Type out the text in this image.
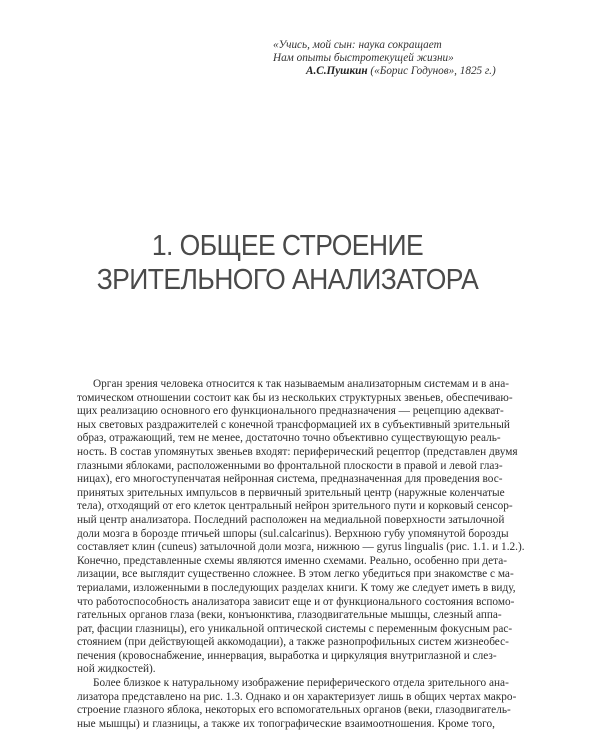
«Учись, мой сын: наука сокращает
Нам опыты быстротекущей жизни»
А.С.Пушкин («Борис Годунов», 1825 г.)
1. ОБЩЕЕ СТРОЕНИЕ
ЗРИТЕЛЬНОГО АНАЛИЗАТОРА
Орган зрения человека относится к так называемым анализаторным системам и в ана-
томическом отношении состоит как бы из нескольких структурных звеньев, обеспечиваю-
щих реализацию основного его функционального предназначения — рецепцию адекват-
ных световых раздражителей с конечной трансформацией их в субъективный зрительный
образ, отражающий, тем не менее, достаточно точно объективно существующую реаль-
ность. В состав упомянутых звеньев входят: периферический рецептор (представлен двумя
глазными яблоками, расположенными во фронтальной плоскости в правой и левой глаз-
ницах), его многоступенчатая нейронная система, предназначенная для проведения вос-
принятых зрительных импульсов в первичный зрительный центр (наружные коленчатые
тела), отходящий от его клеток центральный нейрон зрительного пути и корковый сенсор-
ный центр анализатора. Последний расположен на медиальной поверхности затылочной
доли мозга в борозде птичьей шпоры (sul.calcarinus). Верхнюю губу упомянутой борозды
составляет клин (cuneus) затылочной доли мозга, нижнюю — gyrus lingualis (рис. 1.1. и 1.2.).
Конечно, представленные схемы являются именно схемами. Реально, особенно при дета-
лизации, все выглядит существенно сложнее. В этом легко убедиться при знакомстве с ма-
териалами, изложенными в последующих разделах книги. К тому же следует иметь в виду,
что работоспособность анализатора зависит еще и от функционального состояния вспомо-
гательных органов глаза (веки, конъюнктива, глазодвигательные мышцы, слезный аппа-
рат, фасции глазницы), его уникальной оптической системы с переменным фокусным рас-
стоянием (при действующей аккомодации), а также разнопрофильных систем жизнеобес-
печения (кровоснабжение, иннервация, выработка и циркуляция внутриглазной и слез-
ной жидкостей).
Более близкое к натуральному изображение периферического отдела зрительного ана-
лизатора представлено на рис. 1.3. Однако и он характеризует лишь в общих чертах макро-
строение глазного яблока, некоторых его вспомогательных органов (веки, глазодвигатель-
ные мышцы) и глазницы, а также их топографические взаимоотношения. Кроме того,
